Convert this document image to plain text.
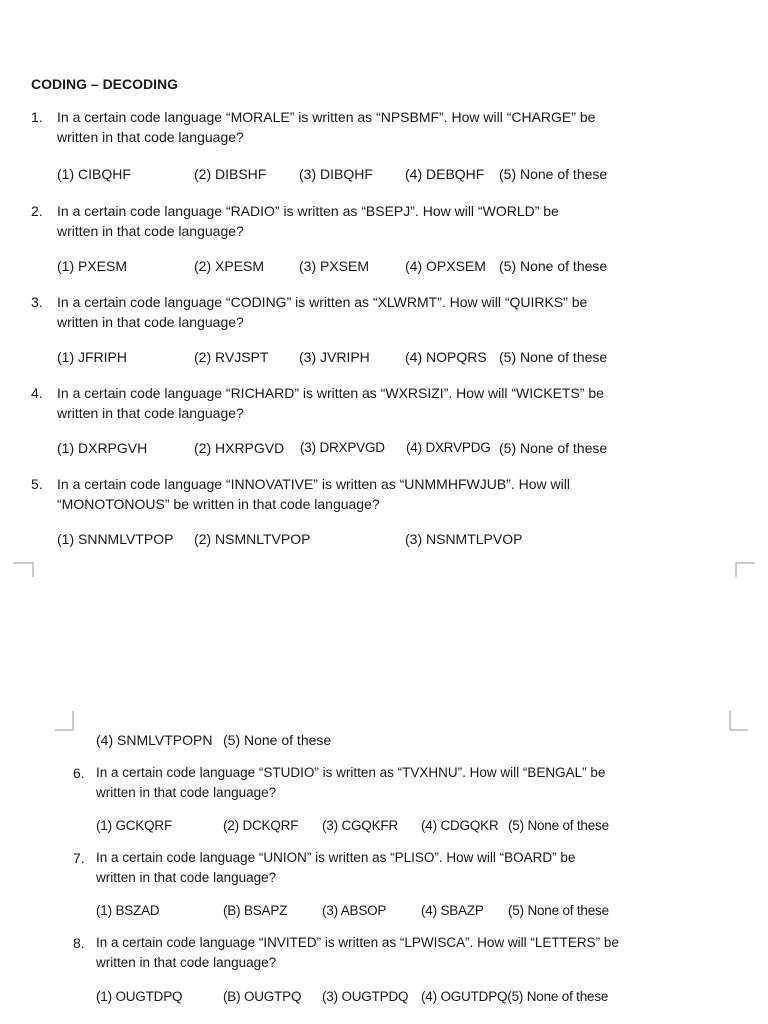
CODING – DECODING
1. In a certain code language “MORALE” is written as “NPSBMF”. How will “CHARGE” be
written in that code language?
(1) CIBQHF	(2) DIBSHF (3) DIBQHF (4) DEBQHF (5) None of these
2. In a certain code language “RADIO” is written as “BSEPJ”. How will “WORLD” be
written in that code language?
(1) PXESM	(2) XPESM (3) PXSEM	(4) OPXSEM (5) None of these
3. In a certain code language “CODING” is written as “XLWRMT”. How will “QUIRKS” be
written in that code language?
(1) JFRIPH	(2) RVJSPT (3) JVRIPH	(4) NOPQRS (5) None of these
4. In a certain code language “RICHARD” is written as “WXRSIZI”. How will “WICKETS” be
written in that code language?
(1) DXRPGVH	(2) HXRPGVD (3) DRXPVGD (4) DXRVPDG (5) None of these
5. In a certain code language “INNOVATIVE” is written as “UNMMHFWJUB”. How will
“MONOTONOUS” be written in that code language?
(1) SNNMLVTPOP (2) NSMNLTVPOP	(3) NSNMTLPVOP
(4) SNMLVTPOPN (5) None of these
6. In a certain code language “STUDIO” is written as “TVXHNU”. How will “BENGAL” be
written in that code language?
(1) GCKQRF	(2) DCKQRF (3) CGQKFR (4) CDGQKR (5) None of these
7. In a certain code language “UNION” is written as “PLISO”. How will “BOARD” be
written in that code language?
(1) BSZAD	(B) BSAPZ	(3) ABSOP	(4) SBAZP (5) None of these
8. In a certain code language “INVITED” is written as “LPWISCA”. How will “LETTERS” be
written in that code language?
(1) OUGTDPQ	(B) OUGTPQ (3) OUGTPDQ (4) OGUTDPQ(5) None of these
